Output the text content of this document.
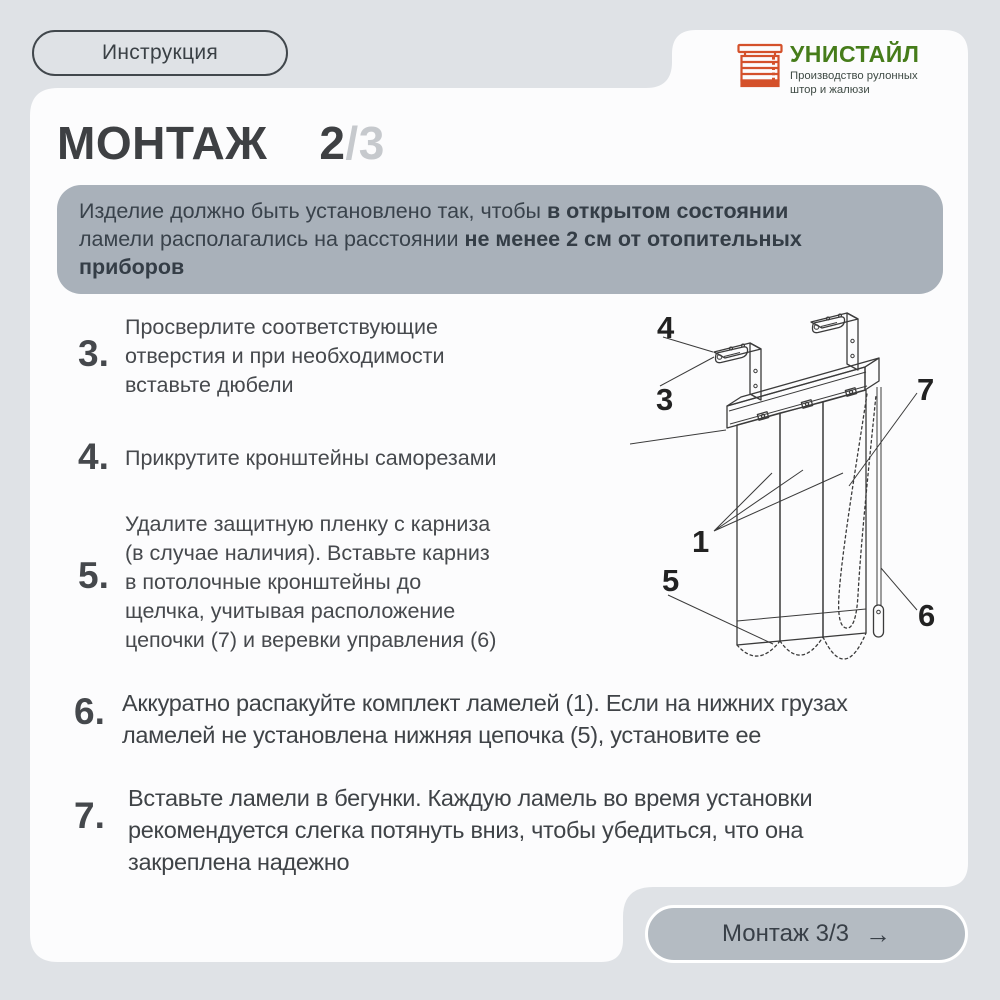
Инструкция	УНИСТАЙЛ
Производство рулонных
штор и жалюзи
МОНТАЖ 2/3
Изделие должно быть установлено так, чтобы в открытом состоянии
ламели располагались на расстоянии не менее 2 см от отопительных
приборов
3.
Просверлите соответствующие
отверстия и при необходимости
вставьте дюбели
4. Прикрутите кронштейны саморезами
5.
Удалите защитную пленку с карниза
(в случае наличия). Вставьте карниз
в потолочные кронштейны до
щелчка, учитывая расположение
цепочки (7) и веревки управления (6)
6. Аккуратно распакуйте комплект ламелей (1). Если на нижних грузах
ламелей не установлена нижняя цепочка (5), установите ее
7. Вставьте ламели в бегунки. Каждую ламель во время установки
рекомендуется слегка потянуть вниз, чтобы убедиться, что она
закреплена надежно
4
3	7
1
5
6
Монтаж 3/3 →
